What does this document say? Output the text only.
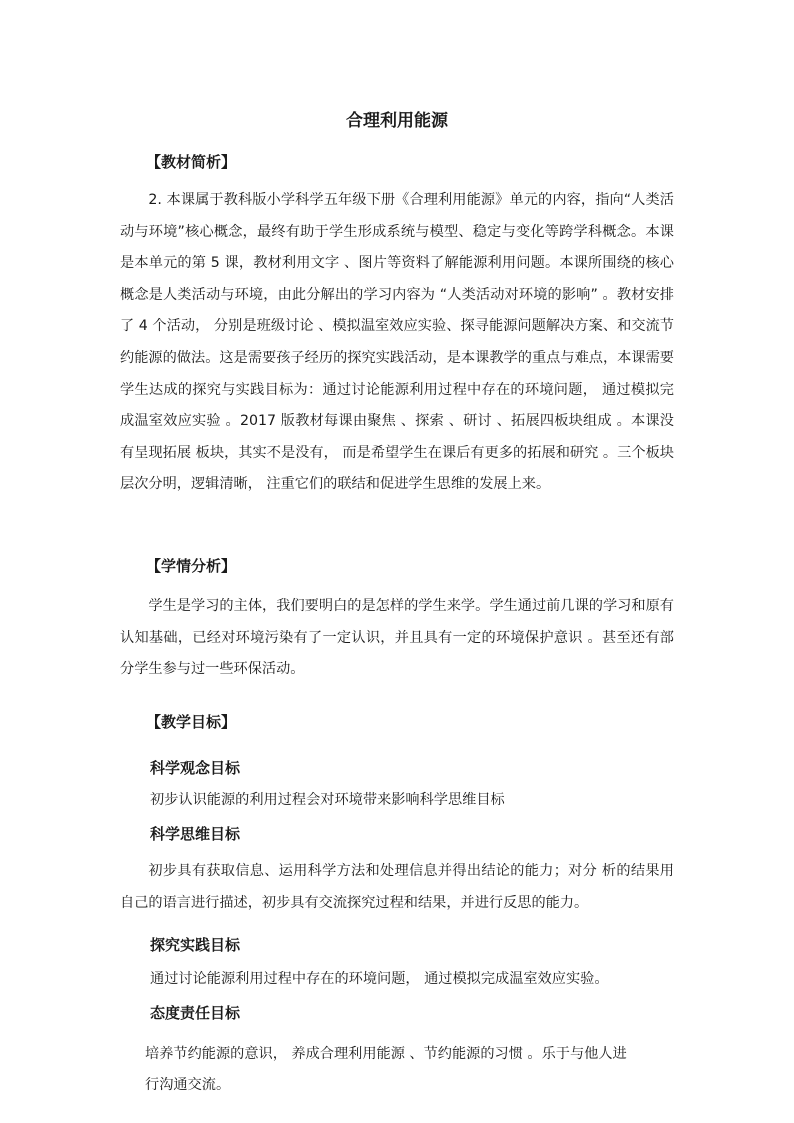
合理利用能源
【教材简析】

2. 本课属于教科版小学科学五年级下册《合理利用能源》单元的内容，指向“人类活动与环境”核心概念，最终有助于学生形成系统与模型、稳定与变化等跨学科概念。本课是本单元的第 5 课，教材利用文字 、图片等资料了解能源利用问题。本课所围绕的核心概念是人类活动与环境，由此分解出的学习内容为 “人类活动对环境的影响” 。教材安排了 4 个活动， 分别是班级讨论 、模拟温室效应实验、探寻能源问题解决方案、和交流节约能源的做法。这是需要孩子经历的探究实践活动，是本课教学的重点与难点，本课需要学生达成的探究与实践目标为：通过讨论能源利用过程中存在的环境问题， 通过模拟完成温室效应实验 。2017 版教材每课由聚焦 、探索 、研讨 、拓展四板块组成 。本课没有呈现拓展 板块，其实不是没有， 而是希望学生在课后有更多的拓展和研究 。三个板块层次分明，逻辑清晰， 注重它们的联结和促进学生思维的发展上来。

【学情分析】

学生是学习的主体，我们要明白的是怎样的学生来学。学生通过前几课的学习和原有认知基础，已经对环境污染有了一定认识，并且具有一定的环境保护意识 。甚至还有部分学生参与过一些环保活动。

【教学目标】
科学观念目标
初步认识能源的利用过程会对环境带来影响科学思维目标
科学思维目标

初步具有获取信息、运用科学方法和处理信息并得出结论的能力；对分 析的结果用自己的语言进行描述，初步具有交流探究过程和结果，并进行反思的能力。

探究实践目标
通过讨论能源利用过程中存在的环境问题， 通过模拟完成温室效应实验。
态度责任目标
培养节约能源的意识， 养成合理利用能源 、节约能源的习惯 。乐于与他人进
行沟通交流。
